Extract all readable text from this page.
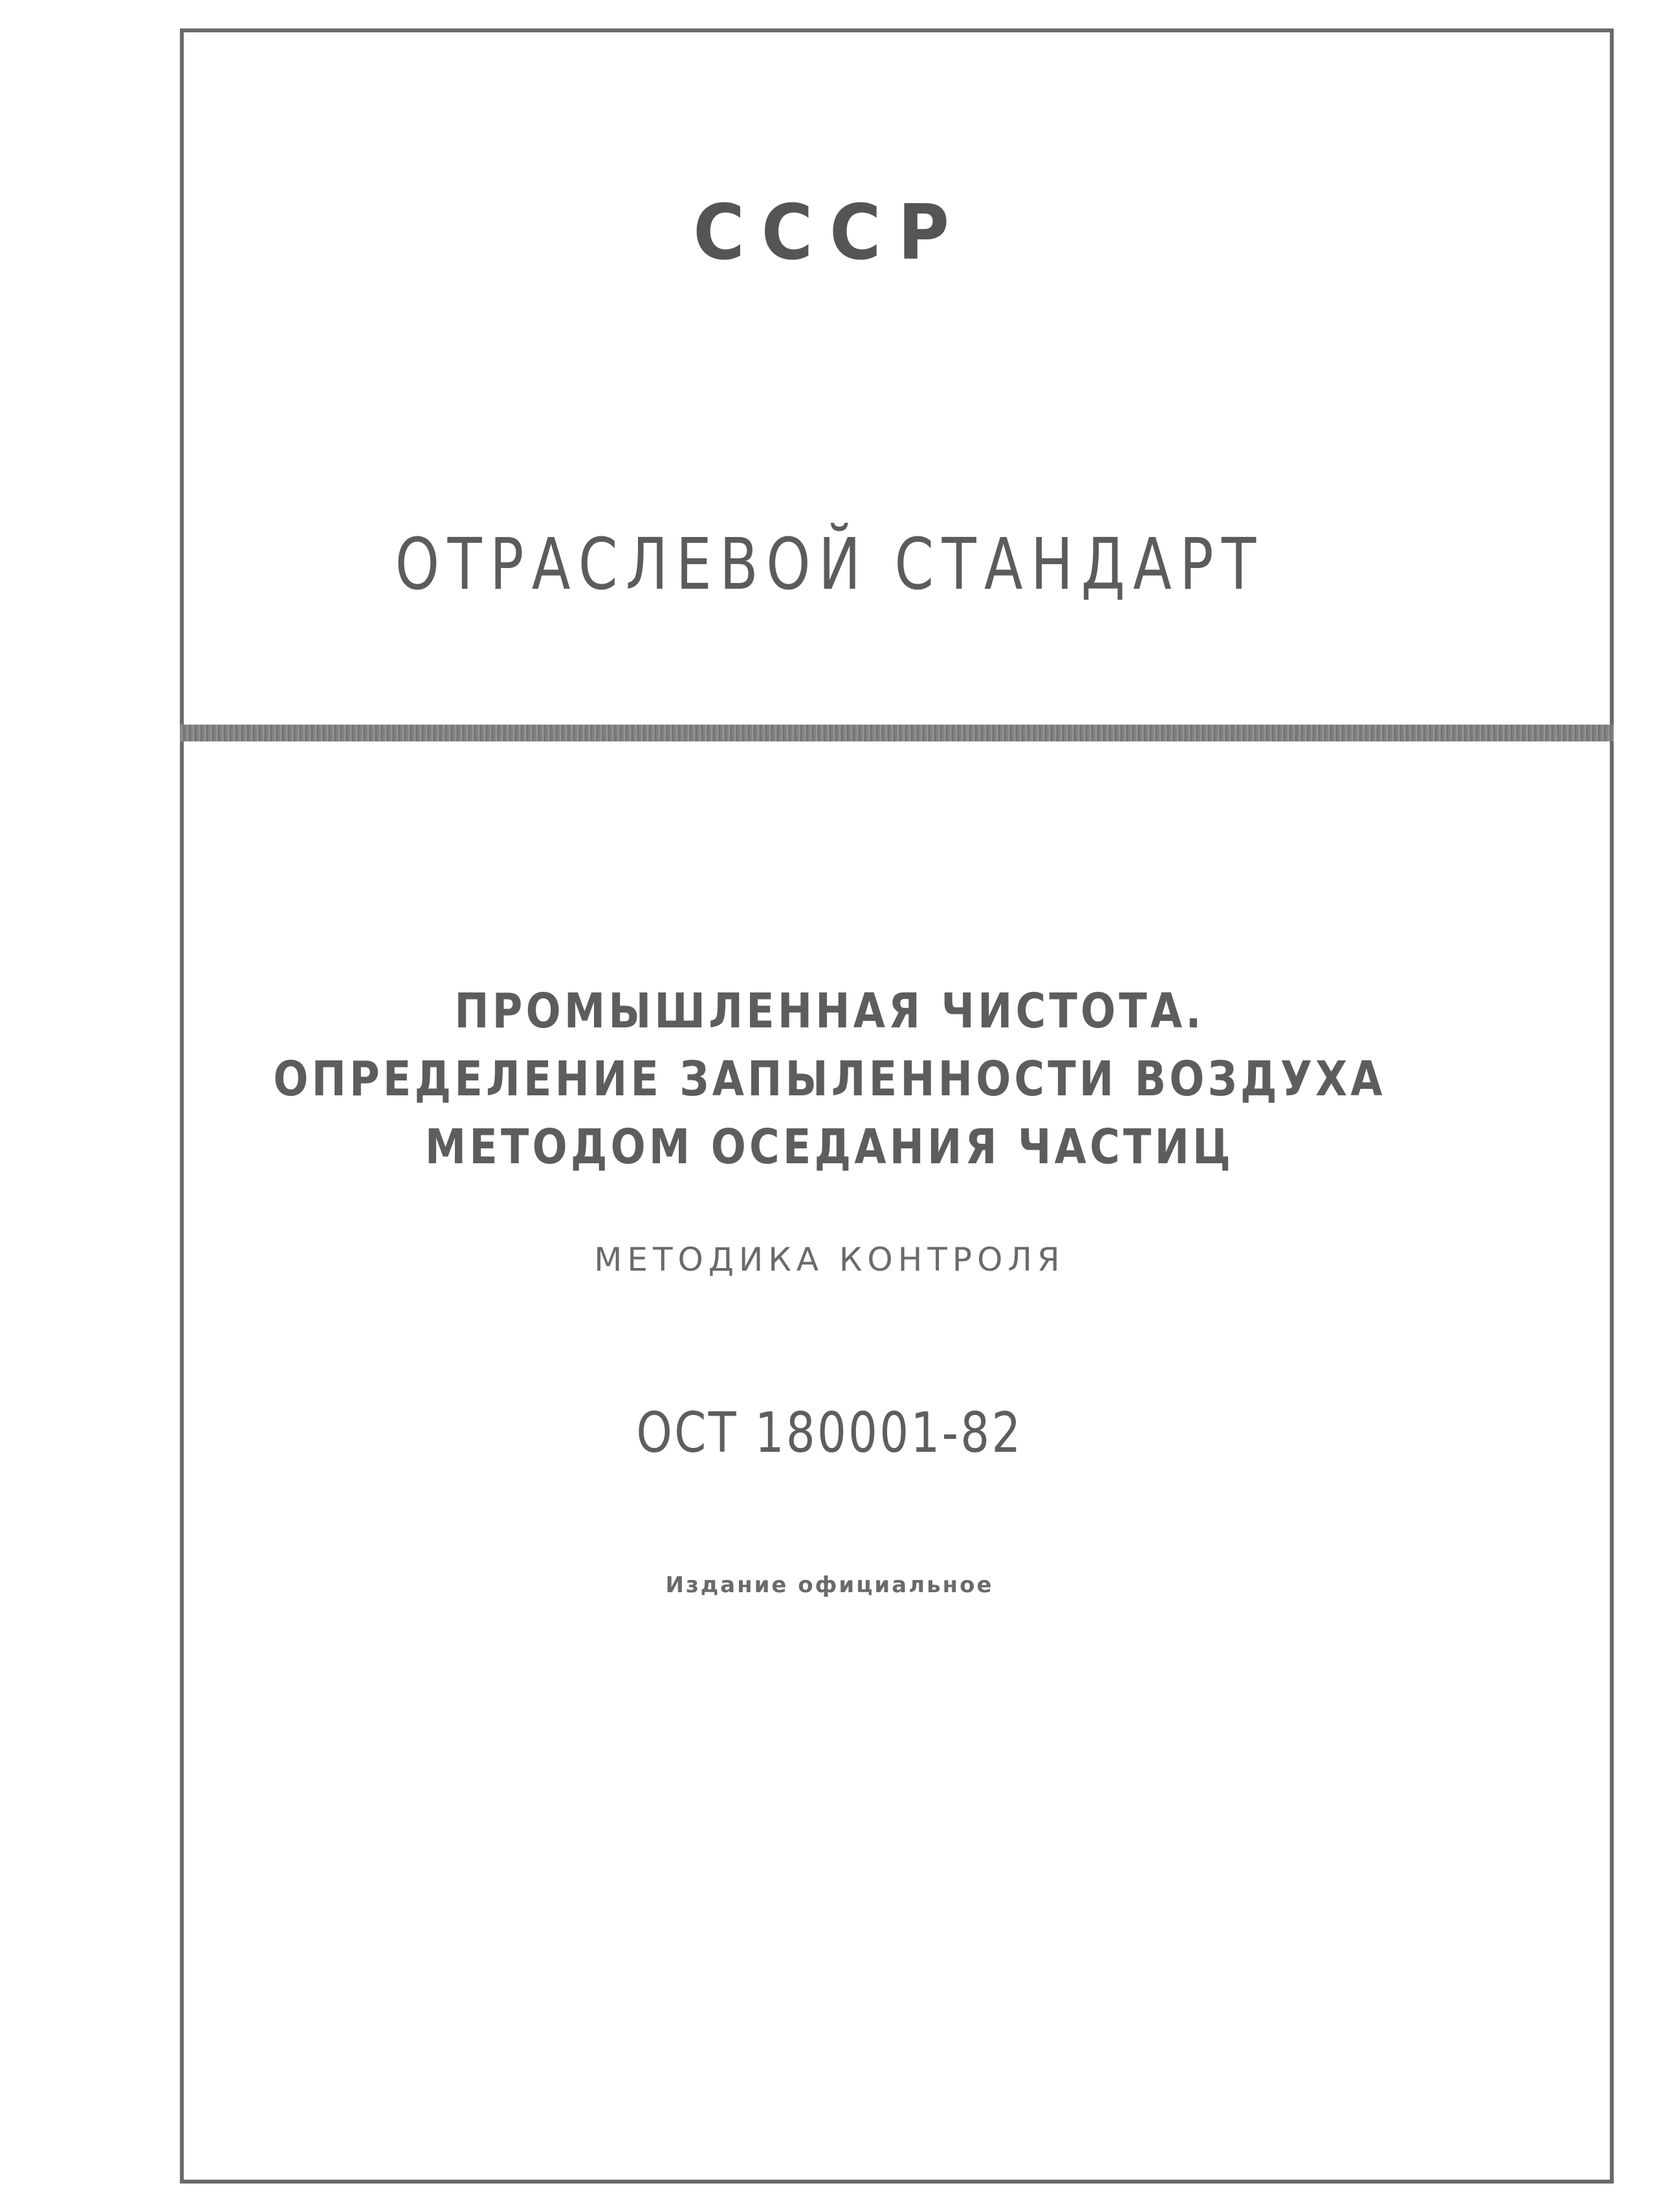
СССР
ОТРАСЛЕВОЙ СТАНДАРТ
ПРОМЫШЛЕННАЯ ЧИСТОТА.
ОПРЕДЕЛЕНИЕ ЗАПЫЛЕННОСТИ ВОЗДУХА
МЕТОДОМ ОСЕДАНИЯ ЧАСТИЦ
МЕТОДИКА КОНТРОЛЯ
ОСТ 180001-82
Издание официальное
